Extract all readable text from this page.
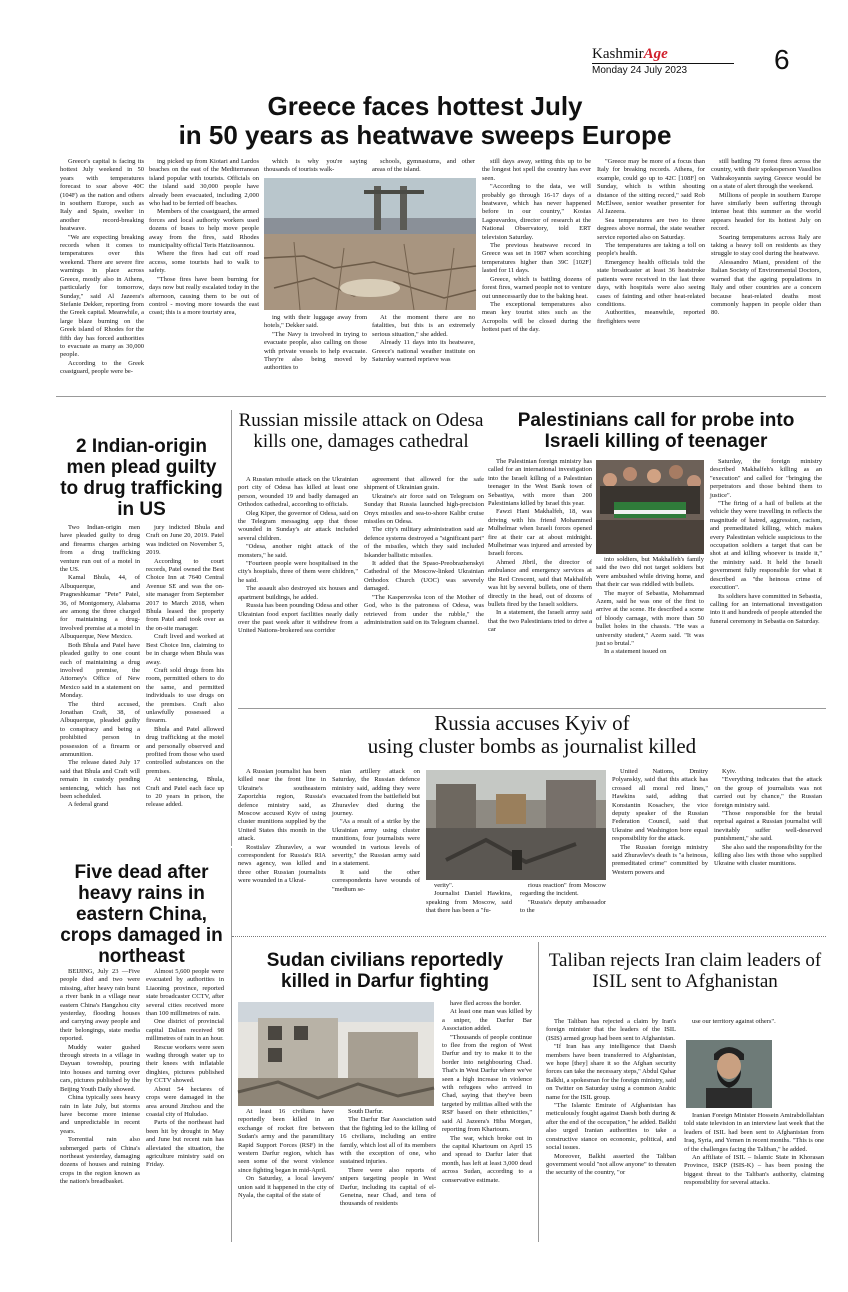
KashmirAge
Monday 24 July 2023	6
Greece faces hottest July
in 50 years as heatwave sweeps Europe

Greece's capital is facing its hottest July weekend in 50 years with temperatures forecast to soar above 40C (104F) as the nation and others in southern Europe, such as Italy and Spain, swelter in another record-breaking heatwave.

"We are expecting breaking records when it comes to temperatures over this weekend. There are severe fire warnings in place across Greece, mostly also in Athens, particularly for tomorrow, Sunday," said Al Jazeera's Stefanie Dekker, reporting from the Greek capital. Meanwhile, a large blaze burning on the Greek island of Rhodes for the fifth day has forced authorities to evacuate as many as 30,000 people.

According to the Greek coastguard, people were be-

ing picked up from Kiotari and Lardos beaches on the east of the Mediterranean island popular with tourists. Officials on the island said 30,000 people have already been evacuated, including 2,000 who had to be ferried off beaches.

Members of the coastguard, the armed forces and local authority workers used dozens of buses to help move people away from the fires, said Rhodes municipality official Teris Hatziioannou.

Where the fires had cut off road access, some tourists had to walk to safety.

"Those fires have been burning for days now but really escalated today in the afternoon, causing them to be out of control - moving more towards the east coast; this is a more touristy area,

which is why you're saying thousands of tourists walk-

schools, gymnasiums, and other areas of the island.

ing with their luggage away from hotels," Dekker said.

"The Navy is involved in trying to evacuate people, also calling on those with private vessels to help evacuate. They're also being moved by authorities to

At the moment there are no fatalities, but this is an extremely serious situation," she added.

Already 11 days into its heatwave, Greece's national weather institute on Saturday warned reprieve was

still days away, setting this up to be the longest hot spell the country has ever seen.

"According to the data, we will probably go through 16-17 days of a heatwave, which has never happened before in our country," Kostas Lagouvardos, director of research at the National Observatory, told ERT television Saturday.

The previous heatwave record in Greece was set in 1987 when scorching temperatures higher than 39C [102F] lasted for 11 days.

Greece, which is battling dozens of forest fires, warned people not to venture out unnecessarily due to the baking heat.

The exceptional temperatures also mean key tourist sites such as the Acropolis will be closed during the hottest part of the day.

"Greece may be more of a focus than Italy for breaking records. Athens, for example, could go up to 42C [108F] on Sunday, which is within shouting distance of the sitting record," said Rob McElwee, senior weather presenter for Al Jazeera.

Sea temperatures are two to three degrees above normal, the state weather service reported also on Saturday.

The temperatures are taking a toll on people's health.

Emergency health officials told the state broadcaster at least 36 heatstroke patients were received in the last three days, with hospitals were also seeing cases of fainting and other heat-related conditions.

Authorities, meanwhile, reported firefighters were

still battling 79 forest fires across the country, with their spokesperson Vassilios Vathrakoyannis saying Greece would be on a state of alert through the weekend.

Millions of people in southern Europe have similarly been suffering through intense heat this summer as the world appears headed for its hottest July on record.

Soaring temperatures across Italy are taking a heavy toll on residents as they struggle to stay cool during the heatwave.

Alessandro Miani, president of the Italian Society of Environmental Doctors, warned that the ageing populations in Italy and other countries are a concern because heat-related deaths most commonly happen in people older than 80.

2 Indian-origin men plead guilty to drug trafficking in US

Two Indian-origin men have pleaded guilty to drug and firearms charges arising from a drug trafficking venture run out of a motel in the US.

Kamal Bhula, 44, of Albuquerque, and Pragneshkumar "Pete" Patel, 36, of Montgomery, Alabama are among the three charged for maintaining a drug-involved premise at a motel in Albuquerque, New Mexico.

Both Bhula and Patel have pleaded guilty to one count each of maintaining a drug involved premise, the Attorney's Office of New Mexico said in a statement on Monday.

The third accused, Jonathan Craft, 38, of Albuquerque, pleaded guilty to conspiracy and being a prohibited person in possession of a firearm or ammunition.

The release dated July 17 said that Bhula and Craft will remain in custody pending sentencing, which has not been scheduled.

A federal grand

jury indicted Bhula and Craft on June 20, 2019. Patel was indicted on November 5, 2019.

According to court records, Patel owned the Best Choice Inn at 7640 Central Avenue SE and was the on-site manager from September 2017 to March 2018, when Bhula leased the property from Patel and took over as the on-site manager.

Craft lived and worked at Best Choice Inn, claiming to be in charge when Bhula was away.

Craft sold drugs from his room, permitted others to do the same, and permitted individuals to use drugs on the premises. Craft also unlawfully possessed a firearm.

Bhula and Patel allowed drug trafficking at the motel and personally observed and profited from those who used controlled substances on the premises.

At sentencing, Bhula, Craft and Patel each face up to 20 years in prison, the release added.

Russian missile attack on Odesa kills one, damages cathedral

A Russian missile attack on the Ukrainian port city of Odesa has killed at least one person, wounded 19 and badly damaged an Orthodox cathedral, according to officials.

Oleg Kiper, the governor of Odesa, said on the Telegram messaging app that those wounded in Sunday's air attack included several children.

"Odesa, another night attack of the monsters," he said.

"Fourteen people were hospitalised in the city's hospitals, three of them were children," he said.

The assault also destroyed six houses and apartment buildings, he added.

Russia has been pounding Odesa and other Ukrainian food export facilities nearly daily over the past week after it withdrew from a United Nations-brokered sea corridor

agreement that allowed for the safe shipment of Ukrainian grain.

Ukraine's air force said on Telegram on Sunday that Russia launched high-precision Onyx missiles and sea-to-shore Kalibr cruise missiles on Odesa.

The city's military administration said air defence systems destroyed a "significant part" of the missiles, which they said included Iskander ballistic missiles.

It added that the Spaso-Preobrazhenskyi Cathedral of the Moscow-linked Ukrainian Orthodox Church (UOC) was severely damaged.

"The Kasperovska icon of the Mother of God, who is the patroness of Odesa, was retrieved from under the rubble," the administration said on its Telegram channel.

Palestinians call for probe into Israeli killing of teenager

The Palestinian foreign ministry has called for an international investigation into the Israeli killing of a Palestinian teenager in the West Bank town of Sebastiya, with more than 200 Palestinians killed by Israel this year.

Fawzi Hani Makhalfeh, 18, was driving with his friend Mohammed Mulhelmar when Israeli forces opened fire at their car at about midnight. Mulheimar was injured and arrested by Israeli forces.

Ahmed Jibril, the director of ambulance and emergency services at the Red Crescent, said that Makhalfeh was hit by several bullets, one of them directly in the head, out of dozens of bullets fired by the Israeli soldiers.

In a statement, the Israeli army said that the two Palestinians tried to drive a car

into soldiers, but Makhalfeh's family said the two did not target soldiers but were ambushed while driving home, and that their car was riddled with bullets.

The mayor of Sebastia, Mohammad Azem, said he was one of the first to arrive at the scene. He described a scene of bloody carnage, with more than 50 bullet holes in the chassis. "He was a university student," Azem said. "It was just so brutal."

In a statement issued on

Saturday, the foreign ministry described Makhalfeh's killing as an "execution" and called for "bringing the perpetrators and those behind them to justice".

"The firing of a hail of bullets at the vehicle they were travelling in reflects the magnitude of hatred, aggression, racism, and premeditated killing, which makes every Palestinian vehicle suspicious to the occupation soldiers a target that can be shot at and killing whoever is inside it," the ministry said. It held the Israeli government fully responsible for what it described as "the heinous crime of execution".

Its soldiers have committed in Sebastia, calling for an international investigation into it and hundreds of people attended the funeral ceremony in Sebastia on Saturday.

Russia accuses Kyiv of
using cluster bombs as journalist killed

A Russian journalist has been killed near the front line in Ukraine's southeastern Zaporizhia region, Russia's defence ministry said, as Moscow accused Kyiv of using cluster munitions supplied by the United States this month in the attack.

Rostislav Zhuravlev, a war correspondent for Russia's RIA news agency, was killed and three other Russian journalists were wounded in a Ukrai-

nian artillery attack on Saturday, the Russian defence ministry said, adding they were evacuated from the battlefield but Zhuravlev died during the journey.

"As a result of a strike by the Ukrainian army using cluster munitions, four journalists were wounded in various levels of severity," the Russian army said in a statement.

It said the other correspondents have wounds of "medium se-

verity".

Journalist Daniel Hawkins, speaking from Moscow, said that there has been a "fu-

rious reaction" from Moscow regarding the incident.

"Russia's deputy ambassador to the

United Nations, Dmitry Polyanskiy, said that this attack has crossed all moral red lines," Hawkins said, adding that Konstantin Kosachev, the vice deputy speaker of the Russian Federation Council, said that Ukraine and Washington bore equal responsibility for the attack.

The Russian foreign ministry said Zhuravlev's death is "a heinous, premeditated crime" committed by Western powers and

Kyiv.

"Everything indicates that the attack on the group of journalists was not carried out by chance," the Russian foreign ministry said.

"Those responsible for the brutal reprisal against a Russian journalist will inevitably suffer well-deserved punishment," she said.

She also said the responsibility for the killing also lies with those who supplied Ukraine with cluster munitions.

Five dead after heavy rains in eastern China, crops damaged in northeast

BEIJING, July 23 —Five people died and two were missing, after heavy rain burst a river bank in a village near eastern China's Hangzhou city yesterday, flooding houses and carrying away people and their belongings, state media reported.

Muddy water gushed through streets in a village in Dayuan township, pouring into houses and turning over cars, pictures published by the Beijing Youth Daily showed.

China typically sees heavy rain in late July, but storms have become more intense and unpredictable in recent years.

Torrential rain also submerged parts of China's northeast yesterday, damaging dozens of houses and ruining crops in the region known as the nation's breadbasket.

Almost 5,600 people were evacuated by authorities in Liaoning province, reported state broadcaster CCTV, after several cities received more than 100 millimetres of rain.

One district of provincial capital Dalian received 98 millimetres of rain in an hour.

Rescue workers were seen wading through water up to their knees with inflatable dinghies, pictures published by CCTV showed.

About 54 hectares of crops were damaged in the area around Jinzhou and the coastal city of Huludao.

Parts of the northeast had been hit by drought in May and June but recent rain has alleviated the situation, the agriculture ministry said on Friday.

Sudan civilians reportedly
killed in Darfur fighting

At least 16 civilians have reportedly been killed in an exchange of rocket fire between Sudan's army and the paramilitary Rapid Support Forces (RSF) in the western Darfur region, which has seen some of the worst violence since fighting began in mid-April.

On Saturday, a local lawyers' union said it happened in the city of Nyala, the capital of the state of

South Darfur.

The Darfur Bar Association said that the fighting led to the killing of 16 civilians, including an entire family, which lost all of its members with the exception of one, who sustained injuries.

There were also reports of snipers targeting people in West Darfur, including its capital of el-Geneina, near Chad, and tens of thousands of residents

have fled across the border.

At least one man was killed by a sniper, the Darfur Bar Association added.

"Thousands of people continue to flee from the region of West Darfur and try to make it to the border into neighbouring Chad. That's in West Darfur where we've seen a high increase in violence with refugees who arrived in Chad, saying that they've been targeted by militias allied with the RSF based on their ethnicities," said Al Jazeera's Hiba Morgan, reporting from Khartoum.

The war, which broke out in the capital Khartoum on April 15 and spread to Darfur later that month, has left at least 3,000 dead across Sudan, according to a conservative estimate.

Taliban rejects Iran claim leaders of ISIL sent to Afghanistan

The Taliban has rejected a claim by Iran's foreign minister that the leaders of the ISIL (ISIS) armed group had been sent to Afghanistan.

"If Iran has any intelligence that Daesh members have been transferred to Afghanistan, we hope [they] share it so the Afghan security forces can take the necessary steps," Abdul Qahar Balkhi, a spokesman for the foreign ministry, said on Twitter on Saturday using a common Arabic name for the ISIL group.

"The Islamic Emirate of Afghanistan has meticulously fought against Daesh both during & after the end of the occupation," he added. Balkhi also urged Iranian authorities to take a constructive stance on economic, political, and social issues.

Moreover, Balkhi asserted the Taliban government would "not allow anyone" to threaten the security of the country, "or

use our territory against others".

Iranian Foreign Minister Hossein Amirabdollahian told state television in an interview last week that the leaders of ISIL had been sent to Afghanistan from Iraq, Syria, and Yemen in recent months. "This is one of the challenges facing the Taliban," he added.

An affiliate of ISIL – Islamic State in Khorasan Province, ISKP (ISIS-K) – has been posing the biggest threat to the Taliban's authority, claiming responsibility for several attacks.
